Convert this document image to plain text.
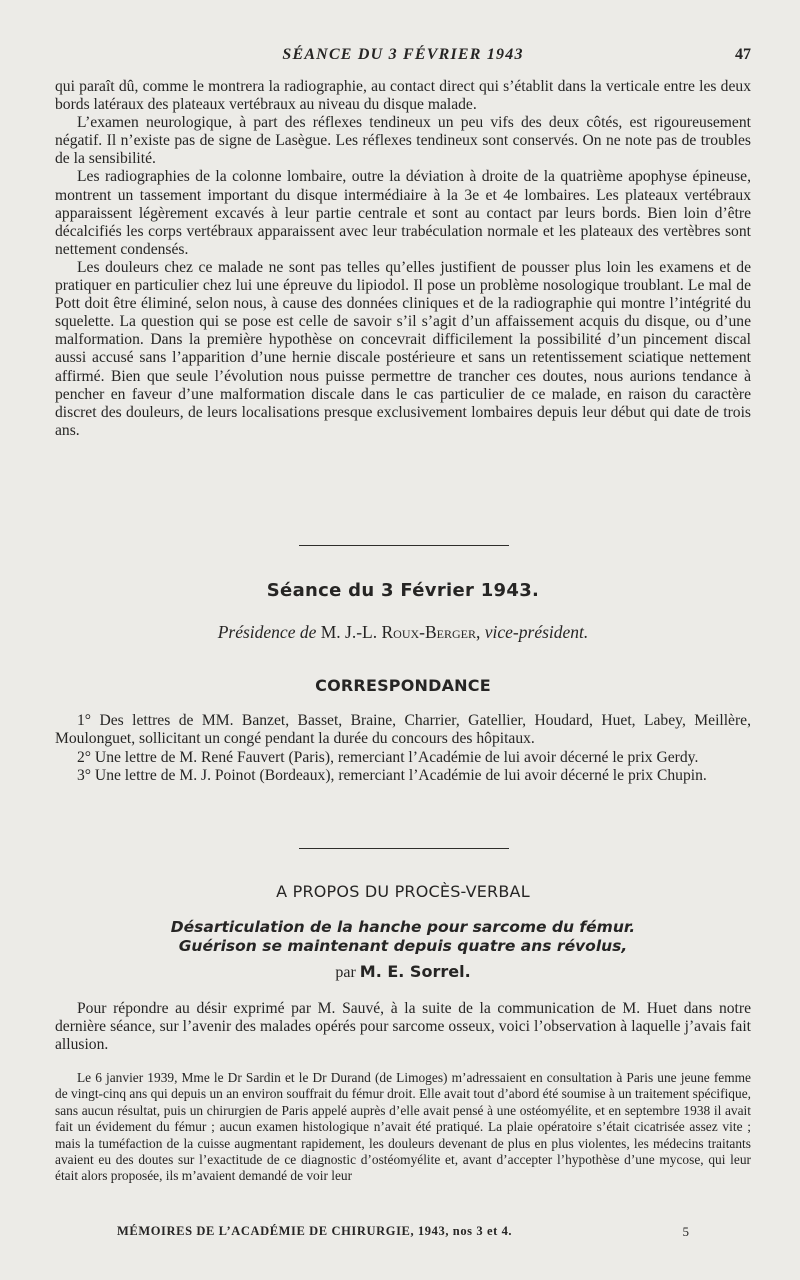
SÉANCE DU 3 FÉVRIER 1943	47

qui paraît dû, comme le montrera la radiographie, au contact direct qui s’établit dans la verticale entre les deux bords latéraux des plateaux vertébraux au niveau du disque malade.

L’examen neurologique, à part des réflexes tendineux un peu vifs des deux côtés, est rigoureusement négatif. Il n’existe pas de signe de Lasègue. Les réflexes tendineux sont conservés. On ne note pas de troubles de la sensibilité.

Les radiographies de la colonne lombaire, outre la déviation à droite de la quatrième apophyse épineuse, montrent un tassement important du disque intermédiaire à la 3e et 4e lombaires. Les plateaux vertébraux apparaissent légèrement excavés à leur partie centrale et sont au contact par leurs bords. Bien loin d’être décalcifiés les corps vertébraux apparaissent avec leur trabéculation normale et les plateaux des vertèbres sont nettement condensés.

Les douleurs chez ce malade ne sont pas telles qu’elles justifient de pousser plus loin les examens et de pratiquer en particulier chez lui une épreuve du lipiodol. Il pose un problème nosologique troublant. Le mal de Pott doit être éliminé, selon nous, à cause des données cliniques et de la radiographie qui montre l’intégrité du squelette. La question qui se pose est celle de savoir s’il s’agit d’un affaissement acquis du disque, ou d’une malformation. Dans la première hypothèse on concevrait difficilement la possibilité d’un pincement discal aussi accusé sans l’apparition d’une hernie discale postérieure et sans un retentissement sciatique nettement affirmé. Bien que seule l’évolution nous puisse permettre de trancher ces doutes, nous aurions tendance à pencher en faveur d’une malformation discale dans le cas particulier de ce malade, en raison du caractère discret des douleurs, de leurs localisations presque exclusivement lombaires depuis leur début qui date de trois ans.

Séance du 3 Février 1943.

Présidence de M. J.-L. Roux-Berger, vice-président.

CORRESPONDANCE

1° Des lettres de MM. Banzet, Basset, Braine, Charrier, Gatellier, Houdard, Huet, Labey, Meillère, Moulonguet, sollicitant un congé pendant la durée du concours des hôpitaux.

2° Une lettre de M. René Fauvert (Paris), remerciant l’Académie de lui avoir décerné le prix Gerdy.

3° Une lettre de M. J. Poinot (Bordeaux), remerciant l’Académie de lui avoir décerné le prix Chupin.

A PROPOS DU PROCÈS-VERBAL

Désarticulation de la hanche pour sarcome du fémur.
Guérison se maintenant depuis quatre ans révolus,

par M. E. Sorrel.

Pour répondre au désir exprimé par M. Sauvé, à la suite de la communication de M. Huet dans notre dernière séance, sur l’avenir des malades opérés pour sarcome osseux, voici l’observation à laquelle j’avais fait allusion.

Le 6 janvier 1939, Mme le Dr Sardin et le Dr Durand (de Limoges) m’adressaient en consultation à Paris une jeune femme de vingt-cinq ans qui depuis un an environ souffrait du fémur droit. Elle avait tout d’abord été soumise à un traitement spécifique, sans aucun résultat, puis un chirurgien de Paris appelé auprès d’elle avait pensé à une ostéomyélite, et en septembre 1938 il avait fait un évidement du fémur ; aucun examen histologique n’avait été pratiqué. La plaie opératoire s’était cicatrisée assez vite ; mais la tuméfaction de la cuisse augmentant rapidement, les douleurs devenant de plus en plus violentes, les médecins traitants avaient eu des doutes sur l’exactitude de ce diagnostic d’ostéomyélite et, avant d’accepter l’hypothèse d’une mycose, qui leur était alors proposée, ils m’avaient demandé de voir leur

MÉMOIRES DE L’ACADÉMIE DE CHIRURGIE, 1943, nos 3 et 4.	5
